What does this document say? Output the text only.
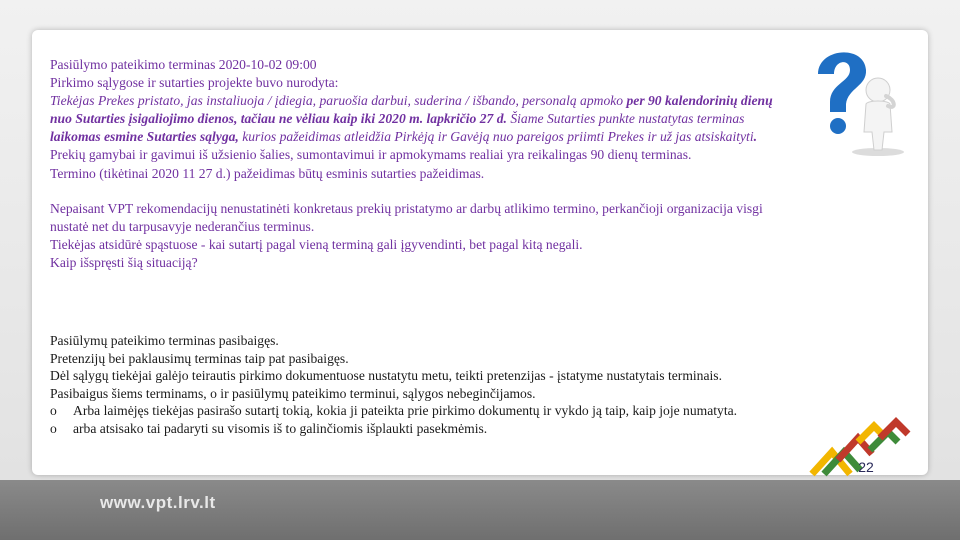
Pasiūlymo pateikimo terminas 2020-10-02 09:00

Pirkimo sąlygose ir sutarties projekte buvo nurodyta:

Tiekėjas Prekes pristato, jas instaliuoja / įdiegia, paruošia darbui, suderina / išbando, personalą apmoko per 90 kalendorinių dienų nuo Sutarties įsigaliojimo dienos, tačiau ne vėliau kaip iki 2020 m. lapkričio 27 d. Šiame Sutarties punkte nustatytas terminas laikomas esmine Sutarties sąlyga, kurios pažeidimas atleidžia Pirkėją ir Gavėją nuo pareigos priimti Prekes ir už jas atsiskaityti.

Prekių gamybai ir gavimui iš užsienio šalies, sumontavimui ir apmokymams realiai yra reikalingas 90 dienų terminas.

Termino (tikėtinai 2020 11 27 d.) pažeidimas būtų esminis sutarties pažeidimas.

Nepaisant VPT rekomendacijų nenustatinėti konkretaus prekių pristatymo ar darbų atlikimo termino, perkančioji organizacija visgi nustatė net du tarpusavyje nederančius terminus.

Tiekėjas atsidūrė spąstuose - kai sutartį pagal vieną terminą gali įgyvendinti, bet pagal kitą negali.

Kaip išspręsti šią situaciją?

Pasiūlymų pateikimo terminas pasibaigęs.

Pretenzijų bei paklausimų terminas taip pat pasibaigęs.

Dėl sąlygų tiekėjai galėjo teirautis pirkimo dokumentuose nustatytu metu, teikti pretenzijas - įstatyme nustatytais terminais.

Pasibaigus šiems terminams, o ir pasiūlymų pateikimo terminui, sąlygos nebeginčijamos.

o	Arba laimėjęs tiekėjas pasirašo sutartį tokią, kokia ji pateikta prie pirkimo dokumentų ir vykdo ją taip, kaip joje numatyta.
o	arba atsisako tai padaryti su visomis iš to galinčiomis išplaukti pasekmėmis.
22
www.vpt.lrv.lt
